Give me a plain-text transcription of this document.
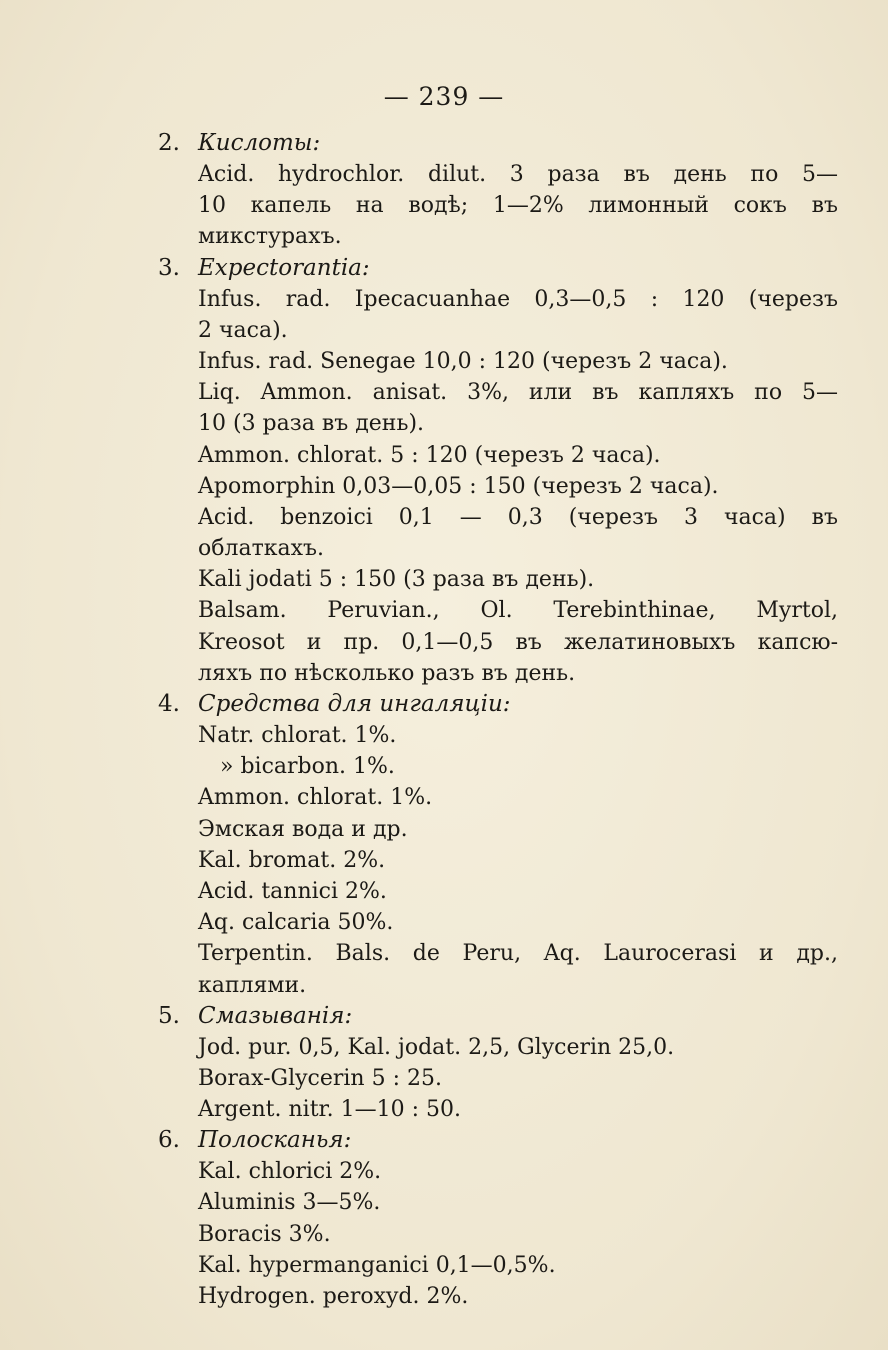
— 239 —
2. Кислоты:
Acid. hydrochlor. dilut. 3 раза въ день по 5—
10 капель на водѣ; 1—2% лимонный сокъ въ
микстурахъ.
3. Expectorantia:
Infus. rad. Ipecacuanhae 0,3—0,5 : 120 (черезъ
2 часа).
Infus. rad. Senegae 10,0 : 120 (черезъ 2 часа).
Liq. Ammon. anisat. 3%, или въ капляхъ по 5—
10 (3 раза въ день).
Ammon. chlorat. 5 : 120 (черезъ 2 часа).
Apomorphin 0,03—0,05 : 150 (черезъ 2 часа).
Acid. benzoici 0,1 — 0,3 (черезъ 3 часа) въ
облаткахъ.
Kali jodati 5 : 150 (3 раза въ день).
Balsam. Peruvian., Ol. Terebinthinae, Myrtol,
Kreosot и пр. 0,1—0,5 въ желатиновыхъ капсю-
ляхъ по нѣсколько разъ въ день.
4. Средства для ингаляціи:
Natr. chlorat. 1%.
» bicarbon. 1%.
Ammon. chlorat. 1%.
Эмская вода и др.
Kal. bromat. 2%.
Acid. tannici 2%.
Aq. calcaria 50%.
Terpentin. Bals. de Peru, Aq. Laurocerasi и др.,
каплями.
5. Смазыванія:
Jod. pur. 0,5, Kal. jodat. 2,5, Glycerin 25,0.
Borax-Glycerin 5 : 25.
Argent. nitr. 1—10 : 50.
6. Полосканья:
Kal. chlorici 2%.
Aluminis 3—5%.
Boracis 3%.
Kal. hypermanganici 0,1—0,5%.
Hydrogen. peroxyd. 2%.
